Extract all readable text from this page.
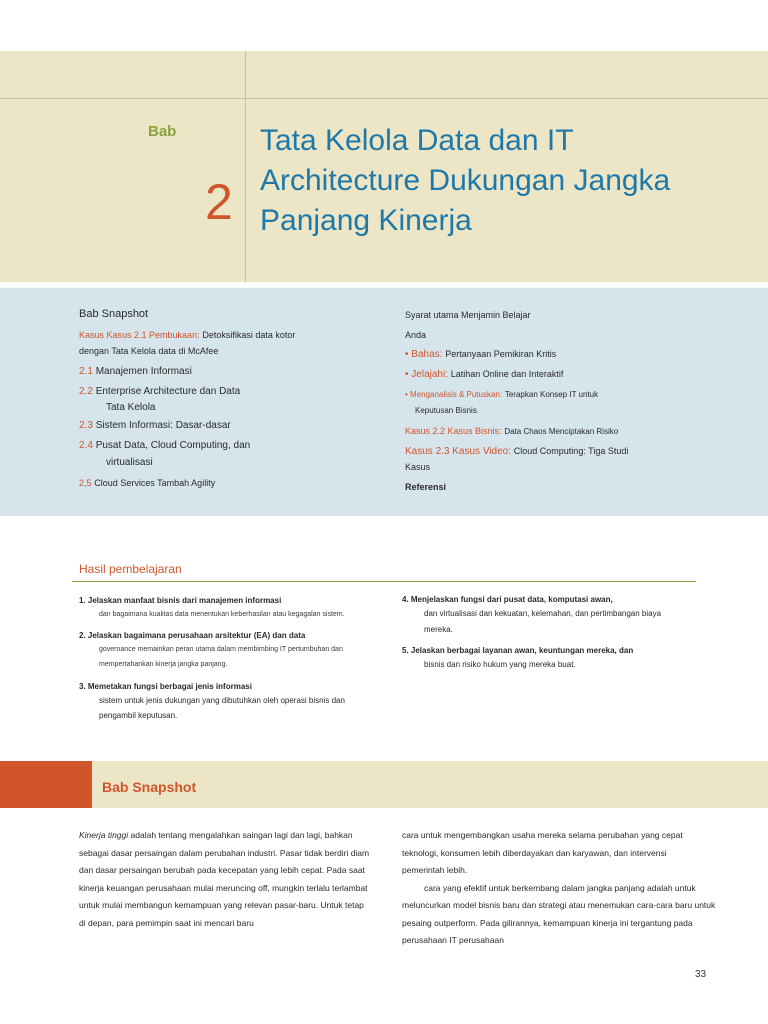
Bab
2
Tata Kelola Data dan IT
Architecture Dukungan Jangka
Panjang Kinerja
Bab Snapshot
Kasus Kasus 2.1 Pembukaan: Detoksifikasi data kotor
dengan Tata Kelola data di McAfee
2.1 Manajemen Informasi
2.2 Enterprise Architecture dan Data
Tata Kelola
2.3 Sistem Informasi: Dasar-dasar
2.4 Pusat Data, Cloud Computing, dan
virtualisasi
2,5 Cloud Services Tambah Agility
Syarat utama Menjamin Belajar
Anda
• Bahas: Pertanyaan Pemikiran Kritis
• Jelajahi: Latihan Online dan Interaktif
• Menganalisis & Putuskan: Terapkan Konsep IT untuk
Keputusan Bisnis
Kasus 2.2 Kasus Bisnis: Data Chaos Menciptakan Risiko
Kasus 2.3 Kasus Video: Cloud Computing: Tiga Studi
Kasus
Referensi
Hasil pembelajaran
1. Jelaskan manfaat bisnis dari manajemen informasi
dan bagaimana kualitas data menentukan keberhasilan atau kegagalan sistem.
2. Jelaskan bagaimana perusahaan arsitektur (EA) dan data
governance memainkan peran utama dalam membimbing IT pertumbuhan dan
mempertahankan kinerja jangka panjang.
3. Memetakan fungsi berbagai jenis informasi
sistem untuk jenis dukungan yang dibutuhkan oleh operasi bisnis dan
pengambil keputusan.
4. Menjelaskan fungsi dari pusat data, komputasi awan,
dan virtualisasi dan kekuatan, kelemahan, dan pertimbangan biaya
mereka.
5. Jelaskan berbagai layanan awan, keuntungan mereka, dan
bisnis dan risiko hukum yang mereka buat.
Bab Snapshot
Kinerja tinggi adalah tentang mengalahkan saingan lagi dan lagi, bahkan
sebagai dasar persaingan dalam perubahan industri. Pasar tidak berdiri diam
dan dasar persaingan berubah pada kecepatan yang lebih cepat. Pada saat
kinerja keuangan perusahaan mulai meruncing off, mungkin terlalu terlambat
untuk mulai membangun kemampuan yang relevan pasar-baru. Untuk tetap
di depan, para pemimpin saat ini mencari baru
cara untuk mengembangkan usaha mereka selama perubahan yang cepat
teknologi, konsumen lebih diberdayakan dan karyawan, dan intervensi
pemerintah lebih.
cara yang efektif untuk berkembang dalam jangka panjang adalah untuk
meluncurkan model bisnis baru dan strategi atau menemukan cara-cara baru untuk
pesaing outperform. Pada gilirannya, kemampuan kinerja ini tergantung pada
perusahaan IT perusahaan
33
